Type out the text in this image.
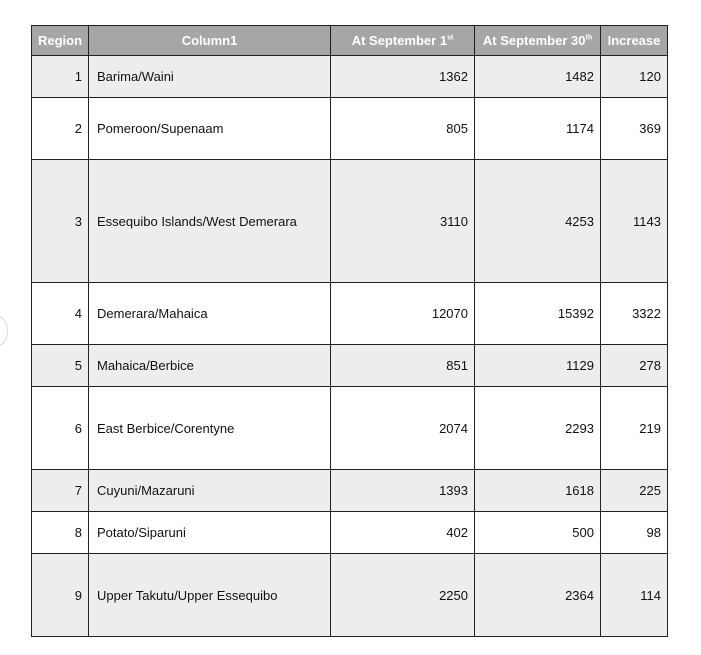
Region	Column1	At September 1st	At September 30th	Increase
1	Barima/Waini	1362	1482	120
2	Pomeroon/Supenaam	805	1174	369
3	Essequibo Islands/West Demerara	3110	4253	1143
4	Demerara/Mahaica	12070	15392	3322
5	Mahaica/Berbice	851	1129	278
6	East Berbice/Corentyne	2074	2293	219
7	Cuyuni/Mazaruni	1393	1618	225
8	Potato/Siparuni	402	500	98
9	Upper Takutu/Upper Essequibo	2250	2364	114
